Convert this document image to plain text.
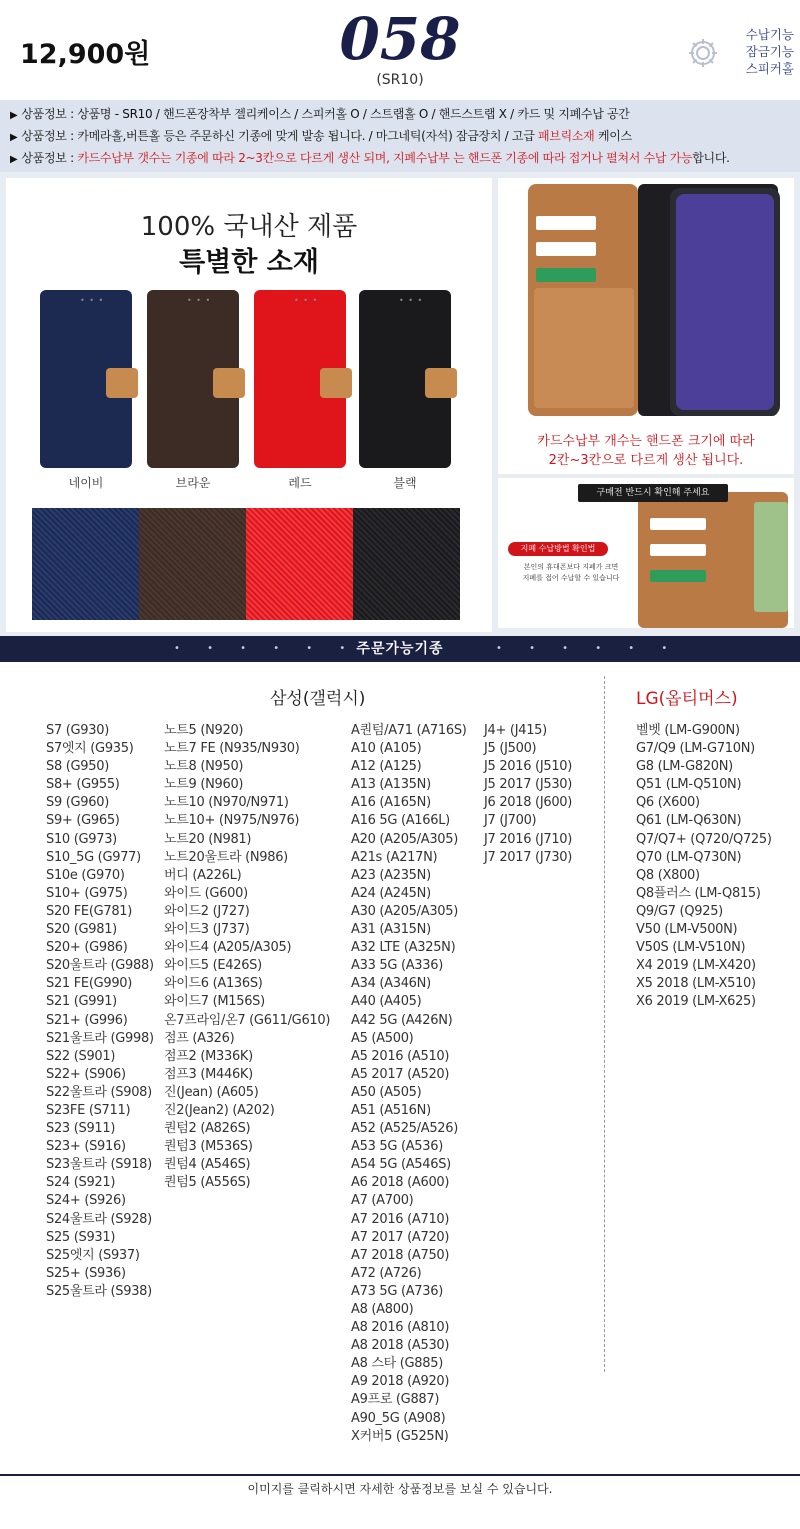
12,900원	058
(SR10)
수납기능
잠금기능
스피커홀
▶ 상품정보 : 상품명 - SR10 / 핸드폰장착부 젤리케이스 / 스피커홀 O / 스트랩홀 O / 핸드스트랩 X / 카드 및 지폐수납 공간
▶ 상품정보 : 카메라홀,버튼홀 등은 주문하신 기종에 맞게 발송 됩니다. / 마그네틱(자석) 잠금장치 / 고급 패브릭소재 케이스
▶ 상품정보 : 카드수납부 갯수는 기종에 따라 2~3칸으로 다르게 생산 되며, 지폐수납부 는 핸드폰 기종에 따라 접거나 펼쳐서 수납 가능합니다.
100% 국내산 제품
특별한 소재
• • •	• • •	• • •	• • •
네이비	브라운	레드	블랙
카드수납부 개수는 핸드폰 크기에 따라
2칸~3칸으로 다르게 생산 됩니다.
구매전 반드시 확인해 주세요
지폐 수납방법 확인법
본인의 휴대폰보다 지폐가 크면
지폐를 접어 수납할 수 있습니다
• • • • • • 주문가능기종	• • • • • •
삼성(갤럭시)	LG(옵티머스)
S7 (G930)
S7엣지 (G935)
S8 (G950)
S8+ (G955)
S9 (G960)
S9+ (G965)
S10 (G973)
S10_5G (G977)
S10e (G970)
S10+ (G975)
S20 FE(G781)
S20 (G981)
S20+ (G986)
S20울트라 (G988)
S21 FE(G990)
S21 (G991)
S21+ (G996)
S21울트라 (G998)
S22 (S901)
S22+ (S906)
S22울트라 (S908)
S23FE (S711)
S23 (S911)
S23+ (S916)
S23울트라 (S918)
S24 (S921)
S24+ (S926)
S24울트라 (S928)
S25 (S931)
S25엣지 (S937)
S25+ (S936)
S25울트라 (S938)
노트5 (N920)
노트7 FE (N935/N930)
노트8 (N950)
노트9 (N960)
노트10 (N970/N971)
노트10+ (N975/N976)
노트20 (N981)
노트20울트라 (N986)
버디 (A226L)
와이드 (G600)
와이드2 (J727)
와이드3 (J737)
와이드4 (A205/A305)
와이드5 (E426S)
와이드6 (A136S)
와이드7 (M156S)
온7프라임/온7 (G611/G610)
점프 (A326)
점프2 (M336K)
점프3 (M446K)
진(Jean) (A605)
진2(Jean2) (A202)
퀀텀2 (A826S)
퀀텀3 (M536S)
퀀텀4 (A546S)
퀀텀5 (A556S)
A퀀텀/A71 (A716S)
A10 (A105)
A12 (A125)
A13 (A135N)
A16 (A165N)
A16 5G (A166L)
A20 (A205/A305)
A21s (A217N)
A23 (A235N)
A24 (A245N)
A30 (A205/A305)
A31 (A315N)
A32 LTE (A325N)
A33 5G (A336)
A34 (A346N)
A40 (A405)
A42 5G (A426N)
A5 (A500)
A5 2016 (A510)
A5 2017 (A520)
A50 (A505)
A51 (A516N)
A52 (A525/A526)
A53 5G (A536)
A54 5G (A546S)
A6 2018 (A600)
A7 (A700)
A7 2016 (A710)
A7 2017 (A720)
A7 2018 (A750)
A72 (A726)
A73 5G (A736)
A8 (A800)
A8 2016 (A810)
A8 2018 (A530)
A8 스타 (G885)
A9 2018 (A920)
A9프로 (G887)
A90_5G (A908)
X커버5 (G525N)
J4+ (J415)
J5 (J500)
J5 2016 (J510)
J5 2017 (J530)
J6 2018 (J600)
J7 (J700)
J7 2016 (J710)
J7 2017 (J730)
벨벳 (LM-G900N)
G7/Q9 (LM-G710N)
G8 (LM-G820N)
Q51 (LM-Q510N)
Q6 (X600)
Q61 (LM-Q630N)
Q7/Q7+ (Q720/Q725)
Q70 (LM-Q730N)
Q8 (X800)
Q8플러스 (LM-Q815)
Q9/G7 (Q925)
V50 (LM-V500N)
V50S (LM-V510N)
X4 2019 (LM-X420)
X5 2018 (LM-X510)
X6 2019 (LM-X625)
이미지를 클릭하시면 자세한 상품정보를 보실 수 있습니다.
